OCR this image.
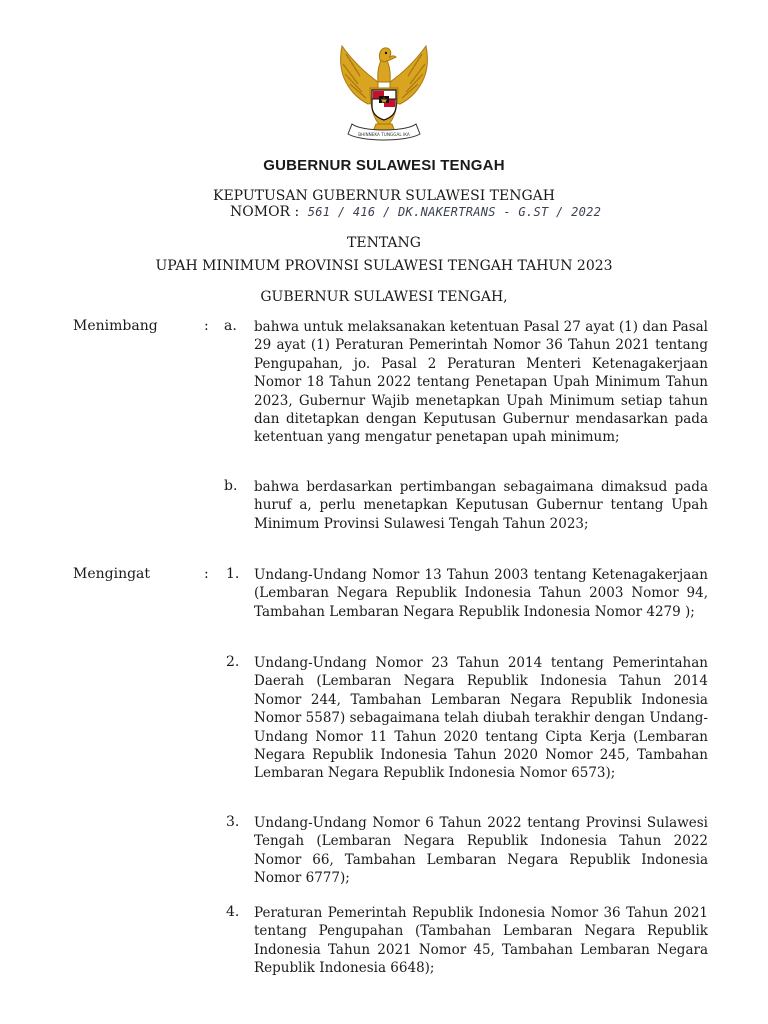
BHINNEKA TUNGGAL IKA
GUBERNUR SULAWESI TENGAH
KEPUTUSAN GUBERNUR SULAWESI TENGAH
NOMOR : 561 / 416 / DK.NAKERTRANS - G.ST / 2022
TENTANG
UPAH MINIMUM PROVINSI SULAWESI TENGAH TAHUN 2023
GUBERNUR SULAWESI TENGAH,
Menimbang	: a. bahwa untuk melaksanakan ketentuan Pasal 27 ayat (1) dan Pasal 29 ayat (1) Peraturan Pemerintah Nomor 36 Tahun 2021 tentang Pengupahan, jo. Pasal 2 Peraturan Menteri Ketenagakerjaan Nomor 18 Tahun 2022 tentang Penetapan Upah Minimum Tahun 2023, Gubernur Wajib menetapkan Upah Minimum setiap tahun dan ditetapkan dengan Keputusan Gubernur mendasarkan pada ketentuan yang mengatur penetapan upah minimum;
b. bahwa berdasarkan pertimbangan sebagaimana dimaksud pada huruf a, perlu menetapkan Keputusan Gubernur tentang Upah Minimum Provinsi Sulawesi Tengah Tahun 2023;
Mengingat	: 1. Undang-Undang Nomor 13 Tahun 2003 tentang Ketenagakerjaan (Lembaran Negara Republik Indonesia Tahun 2003 Nomor 94, Tambahan Lembaran Negara Republik Indonesia Nomor 4279 );
2. Undang-Undang Nomor 23 Tahun 2014 tentang Pemerintahan Daerah (Lembaran Negara Republik Indonesia Tahun 2014 Nomor 244, Tambahan Lembaran Negara Republik Indonesia Nomor 5587) sebagaimana telah diubah terakhir dengan Undang-Undang Nomor 11 Tahun 2020 tentang Cipta Kerja (Lembaran Negara Republik Indonesia Tahun 2020 Nomor 245, Tambahan Lembaran Negara Republik Indonesia Nomor 6573);
3. Undang-Undang Nomor 6 Tahun 2022 tentang Provinsi Sulawesi Tengah (Lembaran Negara Republik Indonesia Tahun 2022 Nomor 66, Tambahan Lembaran Negara Republik Indonesia Nomor 6777);
4. Peraturan Pemerintah Republik Indonesia Nomor 36 Tahun 2021 tentang Pengupahan (Tambahan Lembaran Negara Republik Indonesia Tahun 2021 Nomor 45, Tambahan Lembaran Negara Republik Indonesia 6648);
